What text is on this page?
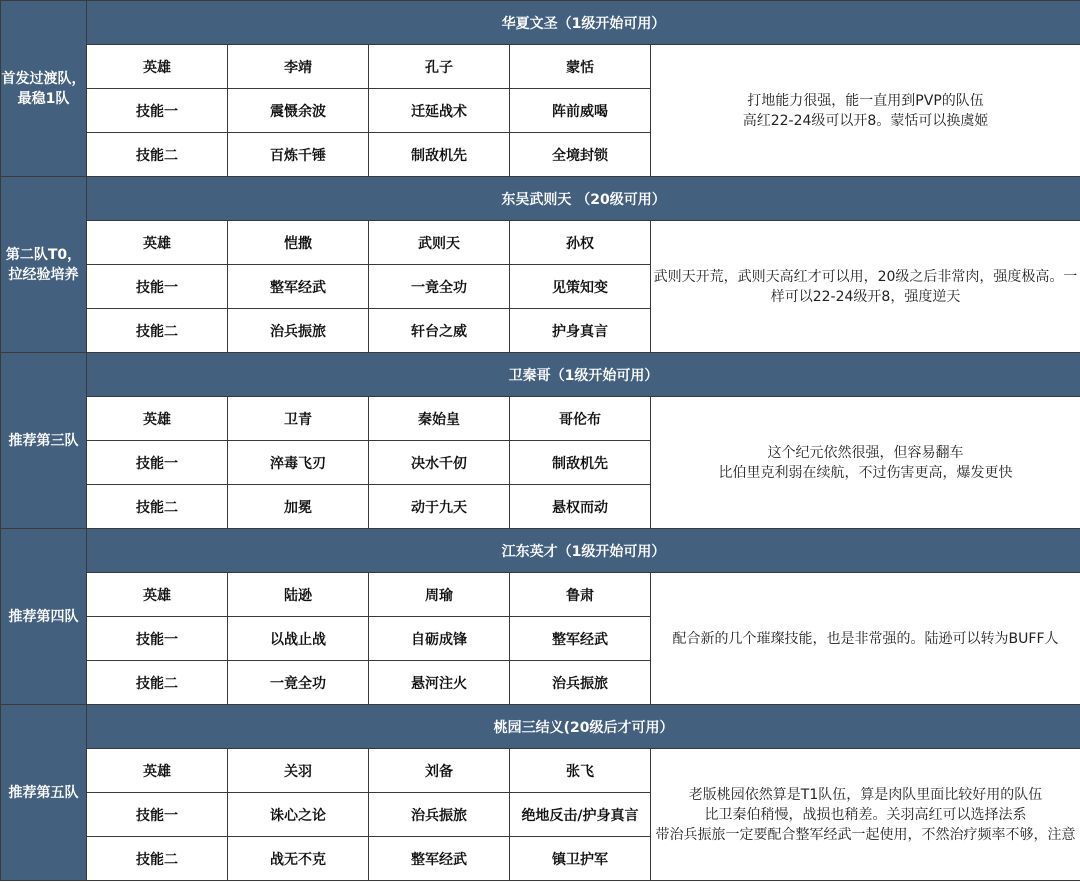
首发过渡队，最稳1队	华夏文圣（1级开始可用）				
	英雄	李靖	孔子	蒙恬	打地能力很强，能一直用到PVP的队伍
高红22-24级可以开8。蒙恬可以换虞姬

	技能一	震慑余波	迁延战术	阵前威喝	
	技能二	百炼千锤	制敌机先	全境封锁	
第二队T0，拉经验培养	东吴武则天 （20级可用）				
	英雄	恺撒	武则天	孙权	武则天开荒，武则天高红才可以用，20级之后非常肉，强度极高。一样可以22-24级开8，强度逆天

	技能一	整军经武	一竟全功	见策知变	
	技能二	治兵振旅	轩台之威	护身真言	
推荐第三队	卫秦哥（1级开始可用）				
	英雄	卫青	秦始皇	哥伦布	这个纪元依然很强，但容易翻车
比伯里克利弱在续航，不过伤害更高，爆发更快

	技能一	淬毒飞刃	决水千仞	制敌机先	
	技能二	加冕	动于九天	悬权而动	
推荐第四队	江东英才（1级开始可用）				
	英雄	陆逊	周瑜	鲁肃	配合新的几个璀璨技能，也是非常强的。陆逊可以转为BUFF人

	技能一	以战止战	自砺成锋	整军经武	
	技能二	一竟全功	悬河注火	治兵振旅	
推荐第五队	桃园三结义(20级后才可用）				
	英雄	关羽	刘备	张飞	老版桃园依然算是T1队伍，算是肉队里面比较好用的队伍
比卫秦伯稍慢，战损也稍差。关羽高红可以选择法系
带治兵振旅一定要配合整军经武一起使用，不然治疗频率不够，注意

	技能一	诛心之论	治兵振旅	绝地反击/护身真言	
	技能二	战无不克	整军经武	镇卫护军	
